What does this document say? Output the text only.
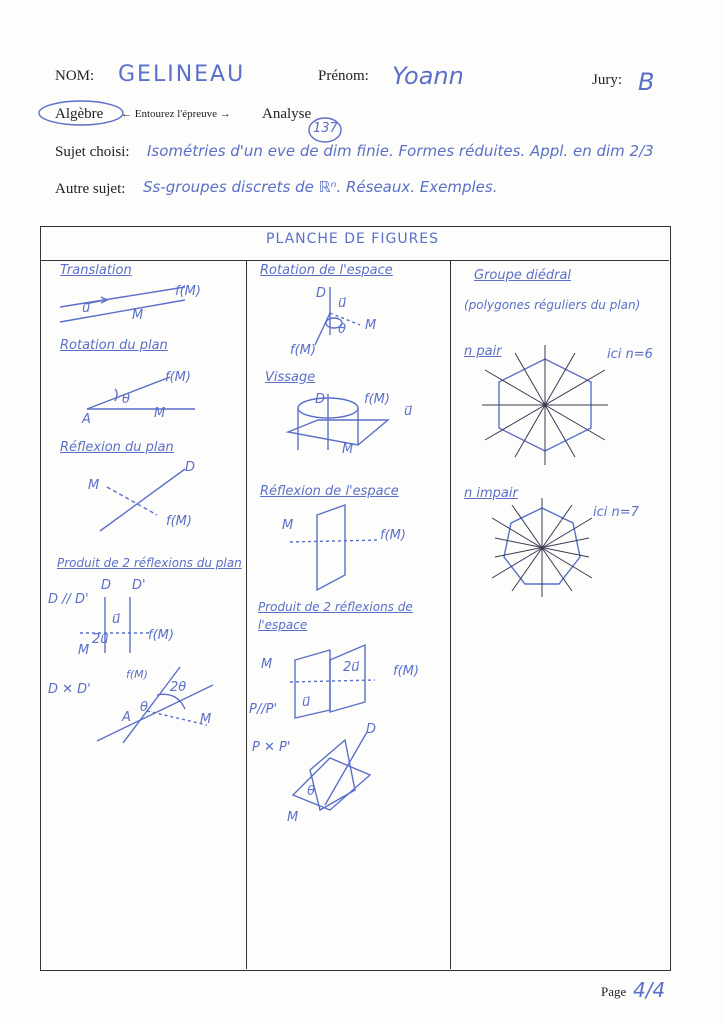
NOM: GELINEAU	Prénom: Yoann	Jury: B
Algèbre ← Entourez l'épreuve → Analyse
Sujet choisi:
137
Isométries d'un eve de dim finie. Formes réduites. Appl. en dim 2/3
Autre sujet: Ss-groupes discrets de ℝⁿ. Réseaux. Exemples.
PLANCHE DE FIGURES
Translation
u⃗	M
f(M)
Rotation du plan
A
θ
M
f(M)
Réflexion du plan
D
M
f(M)
Produit de 2 réflexions du plan
D // D'
D D'
u⃗
2u⃗
M
f(M)
D ✕ D'
f(M)
2θ
θ
A	M
Rotation de l'espace
D
u⃗
θ M
f(M)
Vissage
D	f(M)
u⃗
M
Réflexion de l'espace
M
f(M)
Produit de 2 réflexions de l'espace
2u⃗
M	f(M)
u⃗
P//P'
P ✕ P'
D
θ
M
Groupe diédral
(polygones réguliers du plan)
n pair	ici n=6
n impair
ici n=7
Page 4/4
